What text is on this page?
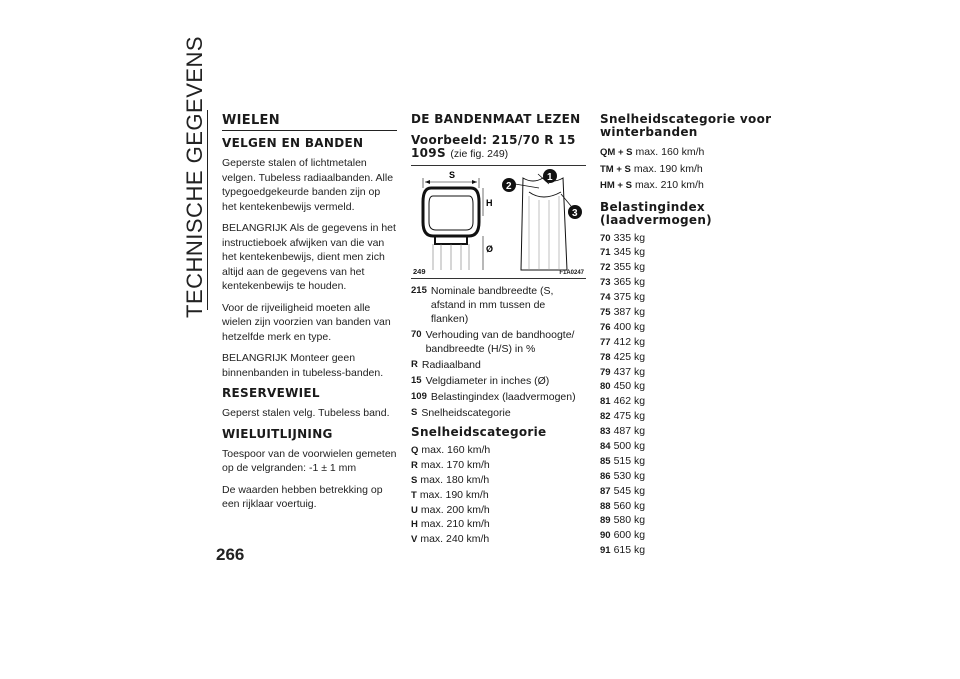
TECHNISCHE GEGEVENS
266
WIELEN
VELGEN EN BANDEN

Geperste stalen of lichtmetalen velgen. Tubeless radiaalbanden. Alle typegoedgekeurde banden zijn op het kentekenbewijs vermeld.

BELANGRIJK Als de gegevens in het instructieboek afwijken van die van het kentekenbewijs, dient men zich altijd aan de gegevens van het kentekenbewijs te houden.

Voor de rijveiligheid moeten alle wielen zijn voorzien van banden van hetzelfde merk en type.

BELANGRIJK Monteer geen binnenbanden in tubeless-banden.

RESERVEWIEL

Geperst stalen velg. Tubeless band.

WIELUITLIJNING

Toespoor van de voorwielen gemeten op de velgranden: -1 ± 1 mm

De waarden hebben betrekking op een rijklaar voertuig.

DE BANDENMAAT LEZEN
Voorbeeld: 215/70 R 15 109S (zie fig. 249)
S
H
Ø
2
1
3
249	F1A0247
215 Nominale bandbreedte (S, afstand in mm tussen de flanken)
70 Verhouding van de bandhoogte/ bandbreedte (H/S) in %
R Radiaalband
15 Velgdiameter in inches (Ø)
109 Belastingindex (laadvermogen)
S Snelheidscategorie
Snelheidscategorie
Q max. 160 km/h
R max. 170 km/h
S max. 180 km/h
T max. 190 km/h
U max. 200 km/h
H max. 210 km/h
V max. 240 km/h
Snelheidscategorie voor winterbanden
QM + S max. 160 km/h
TM + S max. 190 km/h
HM + S max. 210 km/h
Belastingindex (laadvermogen)
70 335 kg
71 345 kg
72 355 kg
73 365 kg
74 375 kg
75 387 kg
76 400 kg
77 412 kg
78 425 kg
79 437 kg
80 450 kg
81 462 kg
82 475 kg
83 487 kg
84 500 kg
85 515 kg
86 530 kg
87 545 kg
88 560 kg
89 580 kg
90 600 kg
91 615 kg
